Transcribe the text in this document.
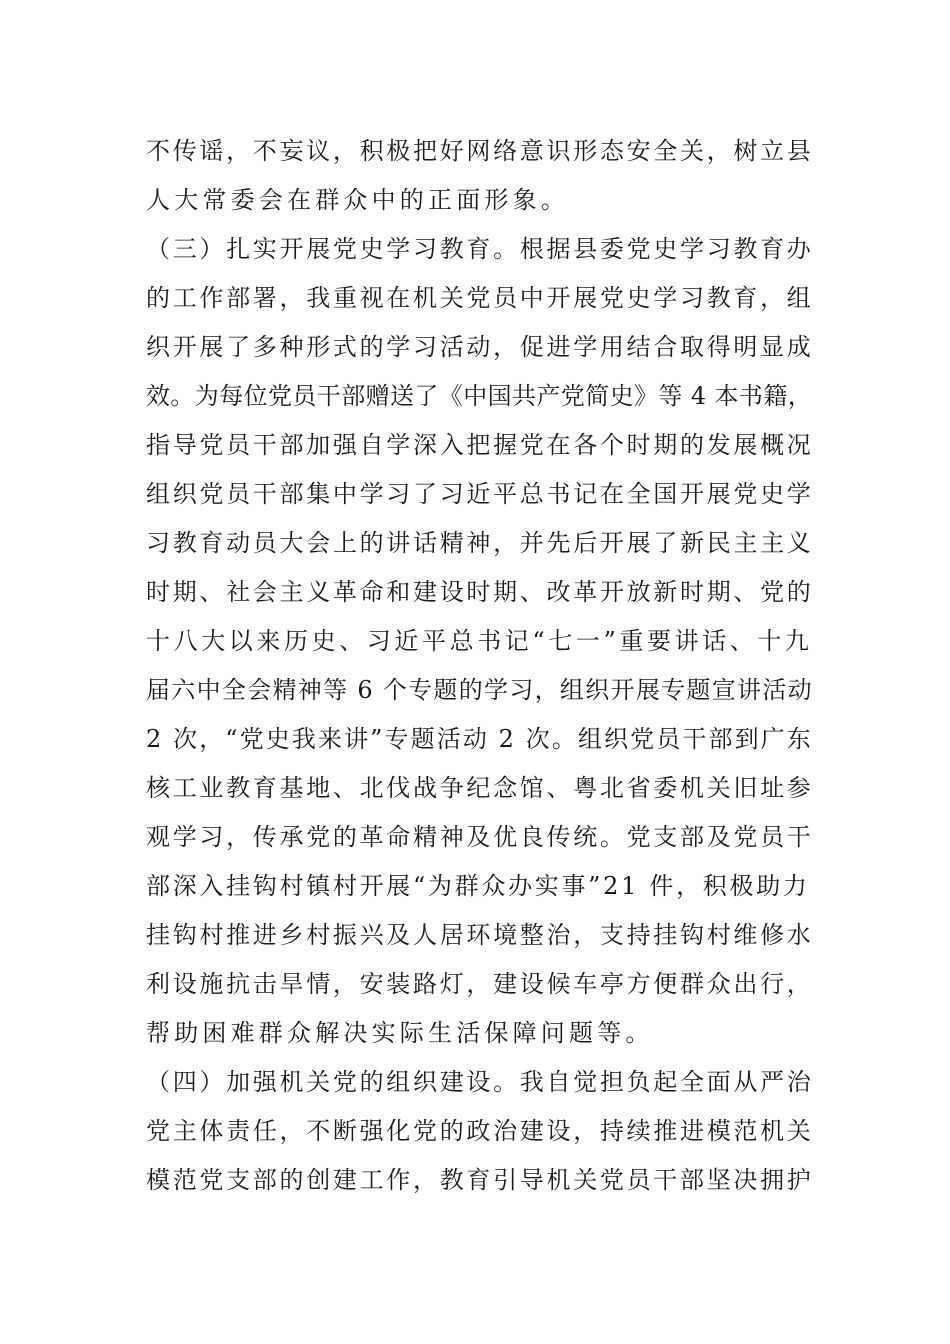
不传谣，不妄议，积极把好网络意识形态安全关，树立县
人大常委会在群众中的正面形象。
（三）扎实开展党史学习教育。根据县委党史学习教育办
的工作部署，我重视在机关党员中开展党史学习教育，组
织开展了多种形式的学习活动，促进学用结合取得明显成
效。为每位党员干部赠送了《中国共产党简史》等 4 本书籍，
指导党员干部加强自学深入把握党在各个时期的发展概况
组织党员干部集中学习了习近平总书记在全国开展党史学
习教育动员大会上的讲话精神，并先后开展了新民主主义
时期、社会主义革命和建设时期、改革开放新时期、党的
十八大以来历史、习近平总书记“七一”重要讲话、十九
届六中全会精神等 6 个专题的学习，组织开展专题宣讲活动
2 次，“党史我来讲”专题活动 2 次。组织党员干部到广东
核工业教育基地、北伐战争纪念馆、粤北省委机关旧址参
观学习，传承党的革命精神及优良传统。党支部及党员干
部深入挂钩村镇村开展“为群众办实事”21 件，积极助力
挂钩村推进乡村振兴及人居环境整治，支持挂钩村维修水
利设施抗击旱情，安装路灯，建设候车亭方便群众出行，
帮助困难群众解决实际生活保障问题等。
（四）加强机关党的组织建设。我自觉担负起全面从严治
党主体责任，不断强化党的政治建设，持续推进模范机关
模范党支部的创建工作，教育引导机关党员干部坚决拥护
